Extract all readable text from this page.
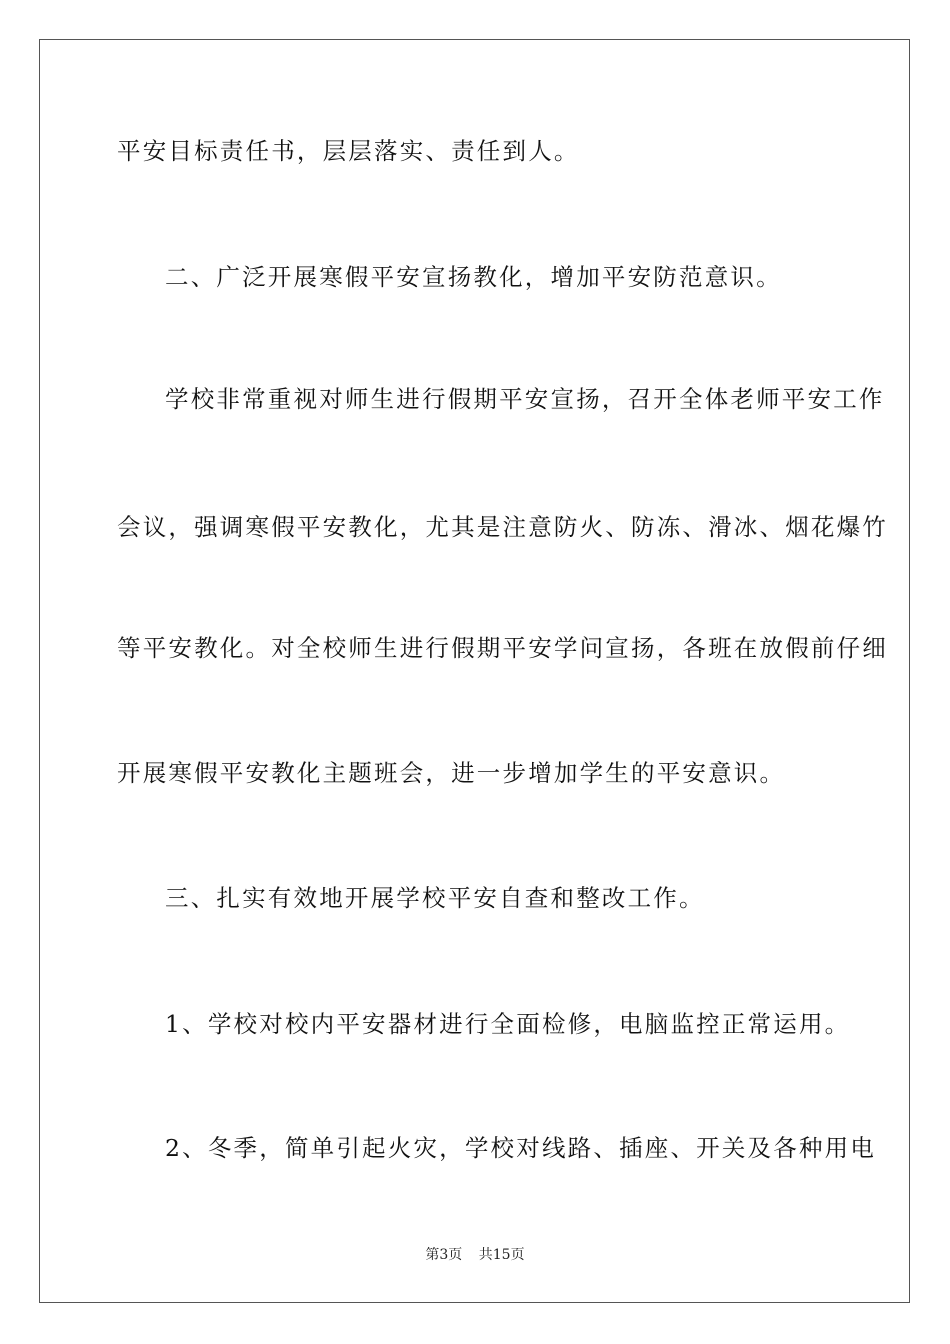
平安目标责任书，层层落实、责任到人。
二、广泛开展寒假平安宣扬教化，增加平安防范意识。
学校非常重视对师生进行假期平安宣扬，召开全体老师平安工作
会议，强调寒假平安教化，尤其是注意防火、防冻、滑冰、烟花爆竹
等平安教化。对全校师生进行假期平安学问宣扬，各班在放假前仔细
开展寒假平安教化主题班会，进一步增加学生的平安意识。
三、扎实有效地开展学校平安自查和整改工作。
1、学校对校内平安器材进行全面检修，电脑监控正常运用。
2、冬季，简单引起火灾，学校对线路、插座、开关及各种用电
第3页 共15页
